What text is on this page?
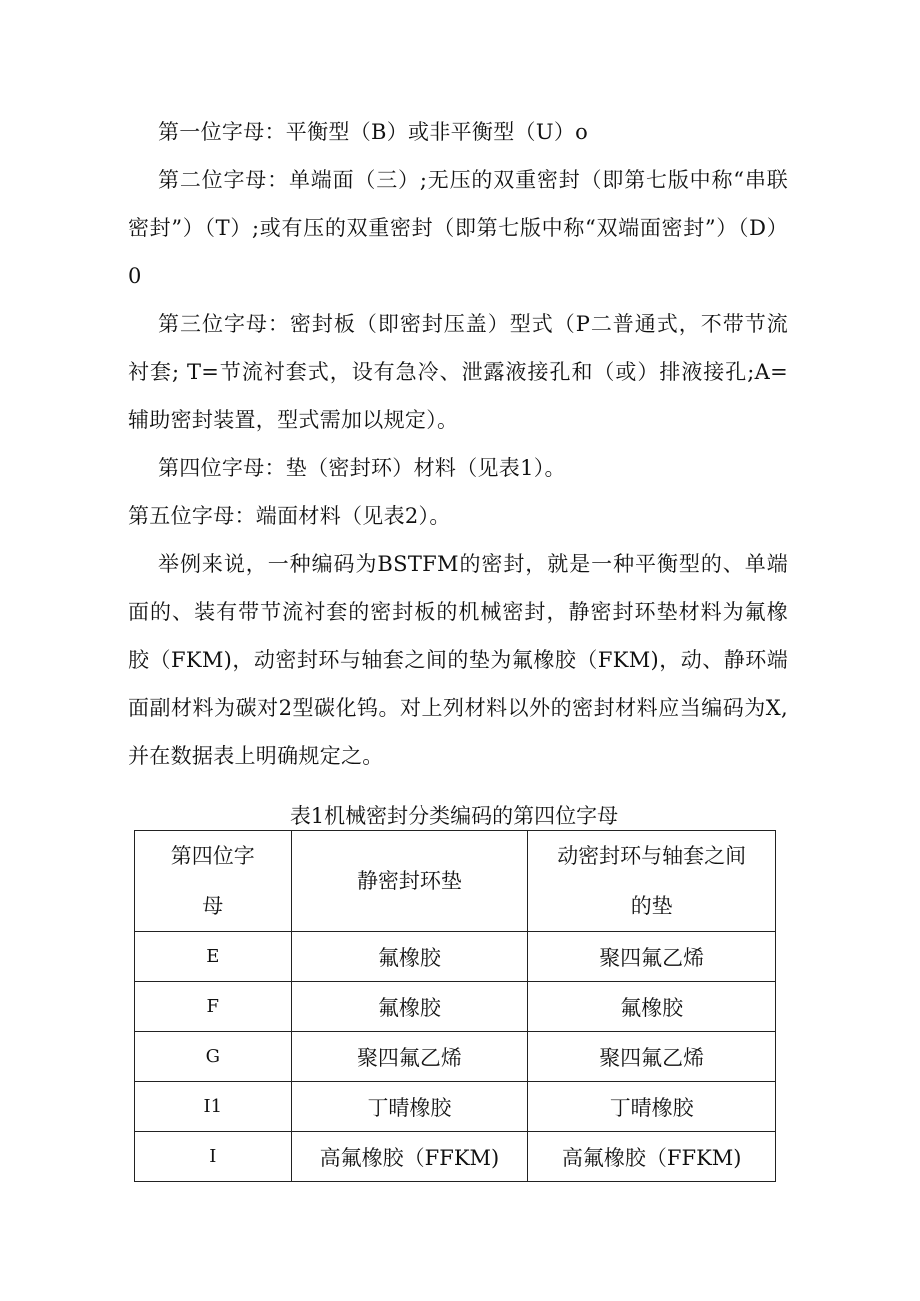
第一位字母：平衡型（B）或非平衡型（U）o

第二位字母：单端面（三）;无压的双重密封（即第七版中称“串联密封”）（T）;或有压的双重密封（即第七版中称“双端面密封”）（D）0

第三位字母：密封板（即密封压盖）型式（P二普通式，不带节流衬套; T=节流衬套式，设有急冷、泄露液接孔和（或）排液接孔;A=辅助密封装置，型式需加以规定）。

第四位字母：垫（密封环）材料（见表1）。

第五位字母：端面材料（见表2）。

举例来说，一种编码为BSTFM的密封，就是一种平衡型的、单端面的、装有带节流衬套的密封板的机械密封，静密封环垫材料为氟橡胶（FKM)，动密封环与轴套之间的垫为氟橡胶（FKM)，动、静环端面副材料为碳对2型碳化钨。对上列材料以外的密封材料应当编码为X,并在数据表上明确规定之。

表1机械密封分类编码的第四位字母

第四位字母	静密封环垫	动密封环与轴套之间的垫
E	氟橡胶	聚四氟乙烯
F	氟橡胶	氟橡胶
G	聚四氟乙烯	聚四氟乙烯
I1	丁晴橡胶	丁晴橡胶
I	高氟橡胶（FFKM)	高氟橡胶（FFKM)
